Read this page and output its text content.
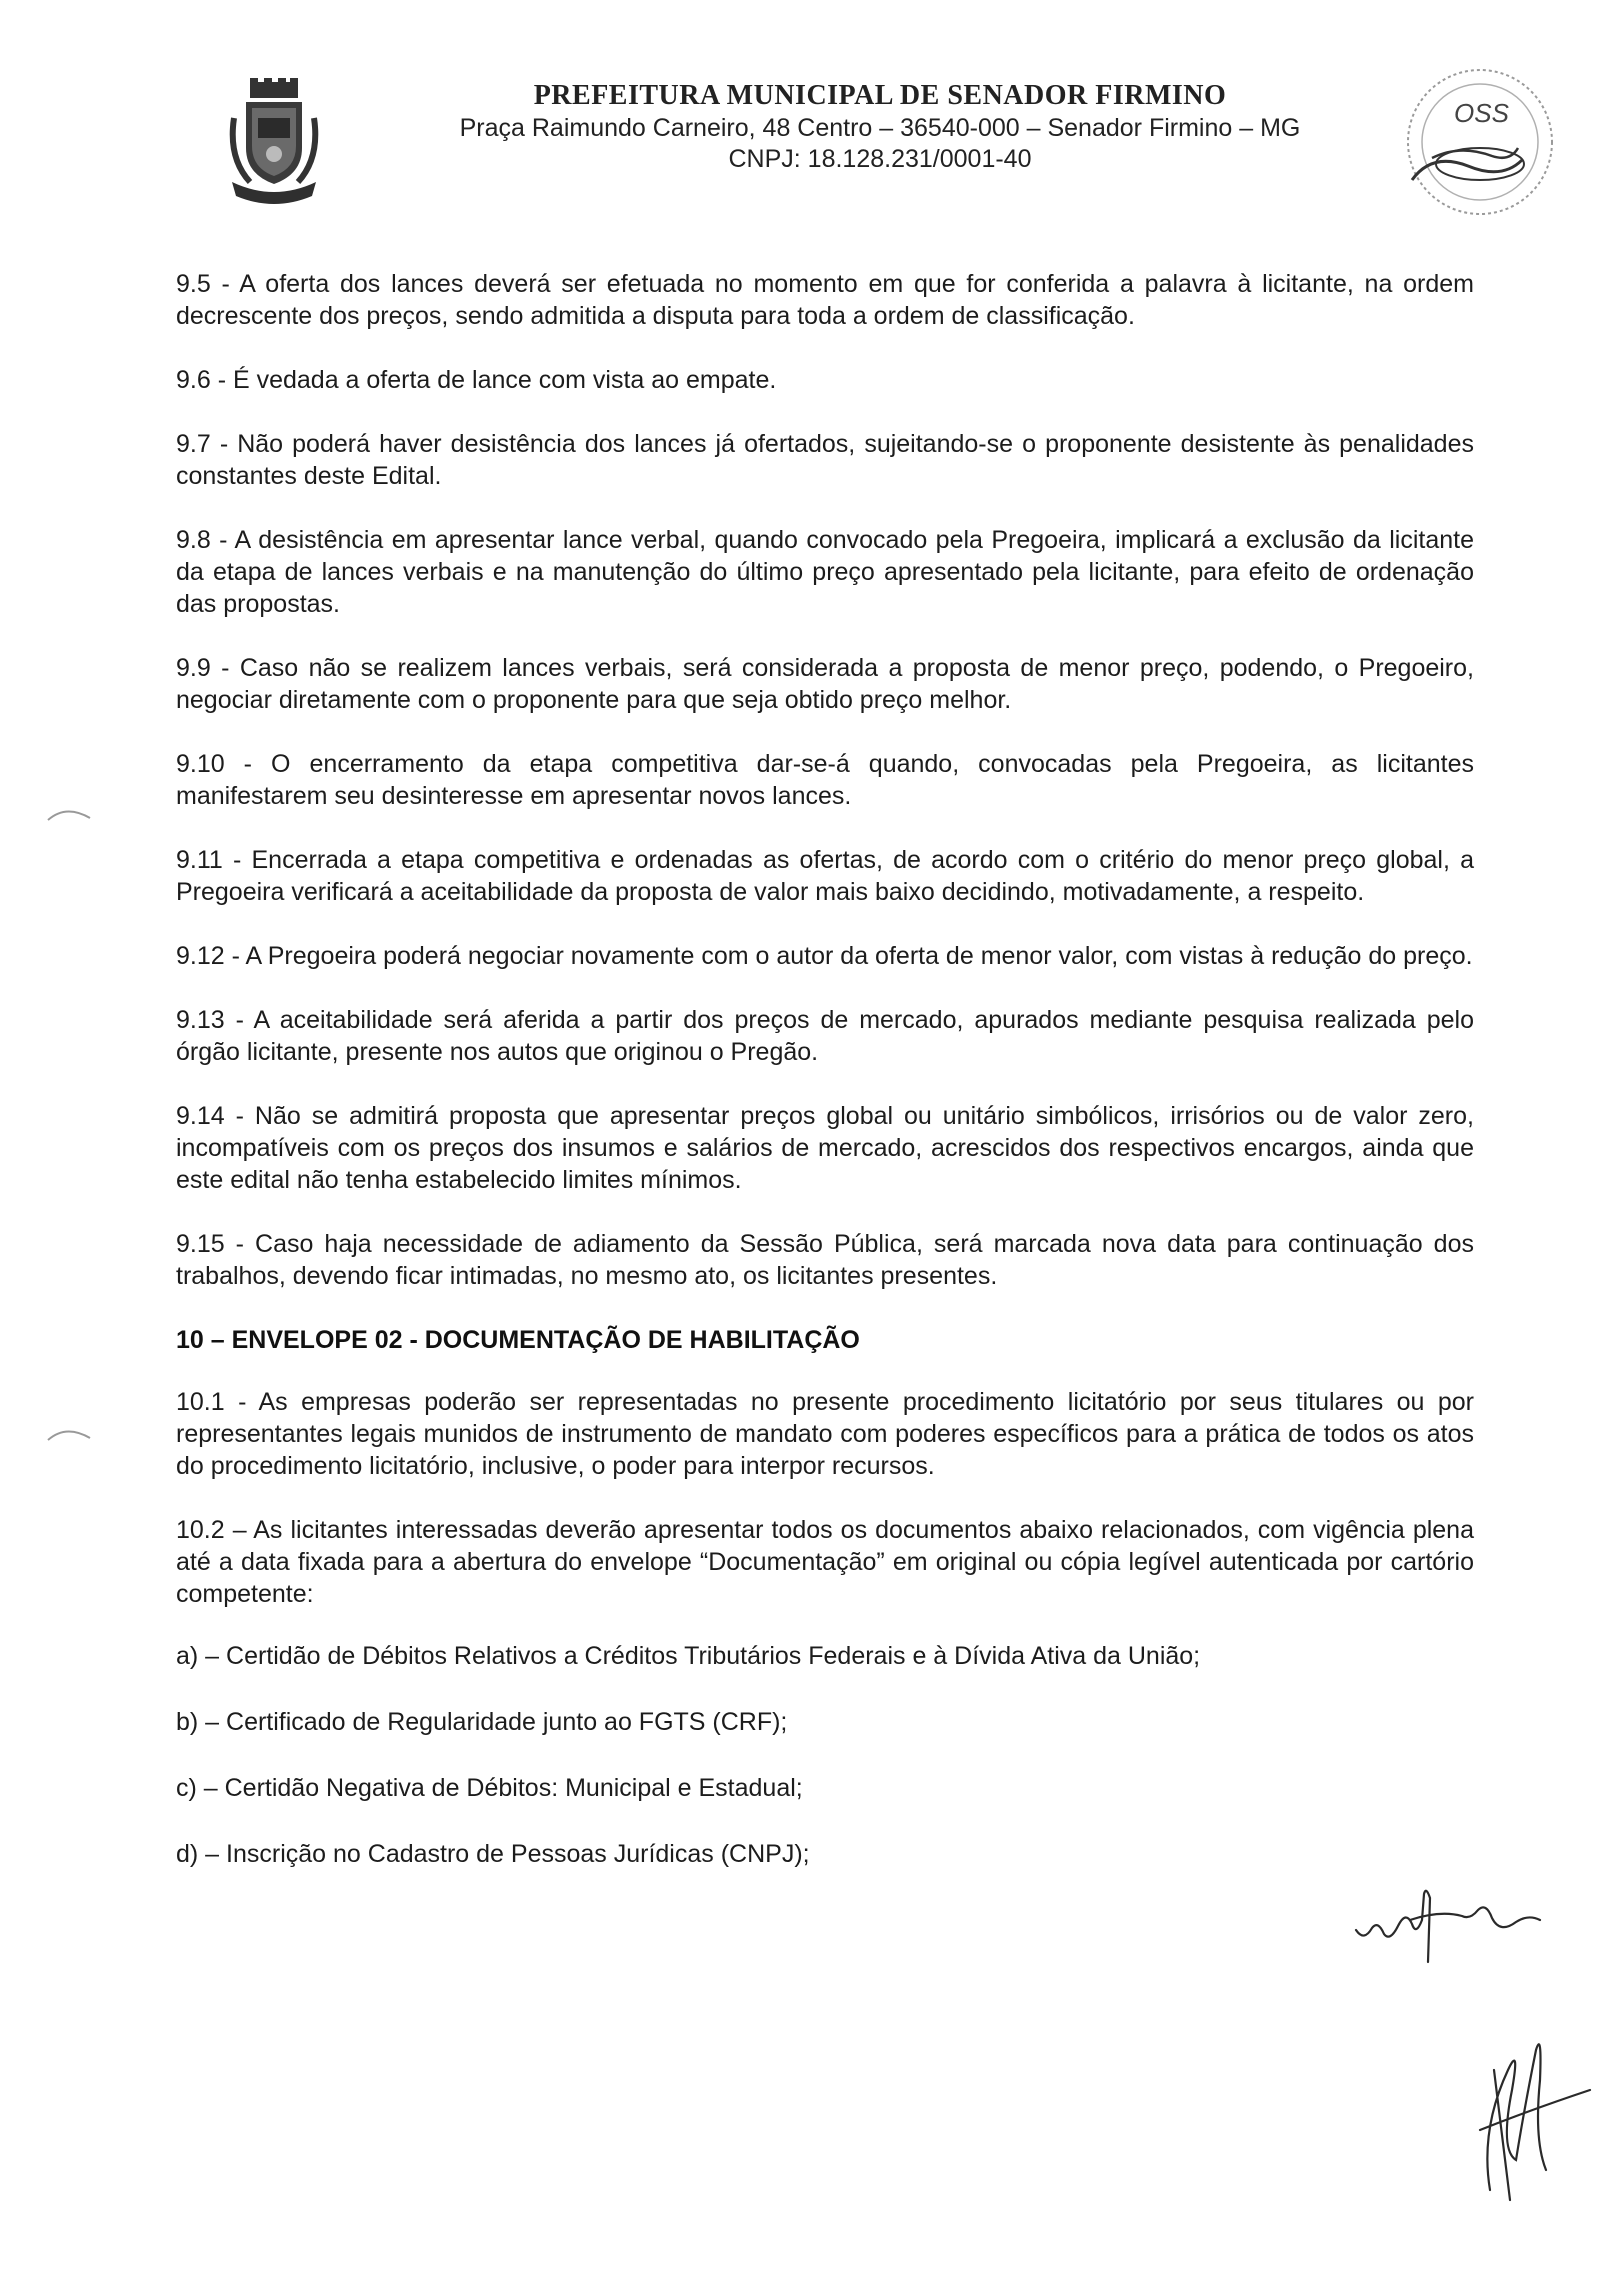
PREFEITURA MUNICIPAL DE SENADOR FIRMINO
Praça Raimundo Carneiro, 48 Centro – 36540-000 – Senador Firmino – MG
CNPJ: 18.128.231/0001-40
OSS

9.5 - A oferta dos lances deverá ser efetuada no momento em que for conferida a palavra à licitante, na ordem decrescente dos preços, sendo admitida a disputa para toda a ordem de classificação.

9.6 - É vedada a oferta de lance com vista ao empate.

9.7 - Não poderá haver desistência dos lances já ofertados, sujeitando-se o proponente desistente às penalidades constantes deste Edital.

9.8 - A desistência em apresentar lance verbal, quando convocado pela Pregoeira, implicará a exclusão da licitante da etapa de lances verbais e na manutenção do último preço apresentado pela licitante, para efeito de ordenação das propostas.

9.9 - Caso não se realizem lances verbais, será considerada a proposta de menor preço, podendo, o Pregoeiro, negociar diretamente com o proponente para que seja obtido preço melhor.

9.10 - O encerramento da etapa competitiva dar-se-á quando, convocadas pela Pregoeira, as licitantes manifestarem seu desinteresse em apresentar novos lances.

9.11 - Encerrada a etapa competitiva e ordenadas as ofertas, de acordo com o critério do menor preço global, a Pregoeira verificará a aceitabilidade da proposta de valor mais baixo decidindo, motivadamente, a respeito.

9.12 - A Pregoeira poderá negociar novamente com o autor da oferta de menor valor, com vistas à redução do preço.

9.13 - A aceitabilidade será aferida a partir dos preços de mercado, apurados mediante pesquisa realizada pelo órgão licitante, presente nos autos que originou o Pregão.

9.14 - Não se admitirá proposta que apresentar preços global ou unitário simbólicos, irrisórios ou de valor zero, incompatíveis com os preços dos insumos e salários de mercado, acrescidos dos respectivos encargos, ainda que este edital não tenha estabelecido limites mínimos.

9.15 - Caso haja necessidade de adiamento da Sessão Pública, será marcada nova data para continuação dos trabalhos, devendo ficar intimadas, no mesmo ato, os licitantes presentes.

10 – ENVELOPE 02 - DOCUMENTAÇÃO DE HABILITAÇÃO

10.1 - As empresas poderão ser representadas no presente procedimento licitatório por seus titulares ou por representantes legais munidos de instrumento de mandato com poderes específicos para a prática de todos os atos do procedimento licitatório, inclusive, o poder para interpor recursos.

10.2 – As licitantes interessadas deverão apresentar todos os documentos abaixo relacionados, com vigência plena até a data fixada para a abertura do envelope “Documentação” em original ou cópia legível autenticada por cartório competente:

a) – Certidão de Débitos Relativos a Créditos Tributários Federais e à Dívida Ativa da União;
b) – Certificado de Regularidade junto ao FGTS (CRF);
c) – Certidão Negativa de Débitos: Municipal e Estadual;
d) – Inscrição no Cadastro de Pessoas Jurídicas (CNPJ);
